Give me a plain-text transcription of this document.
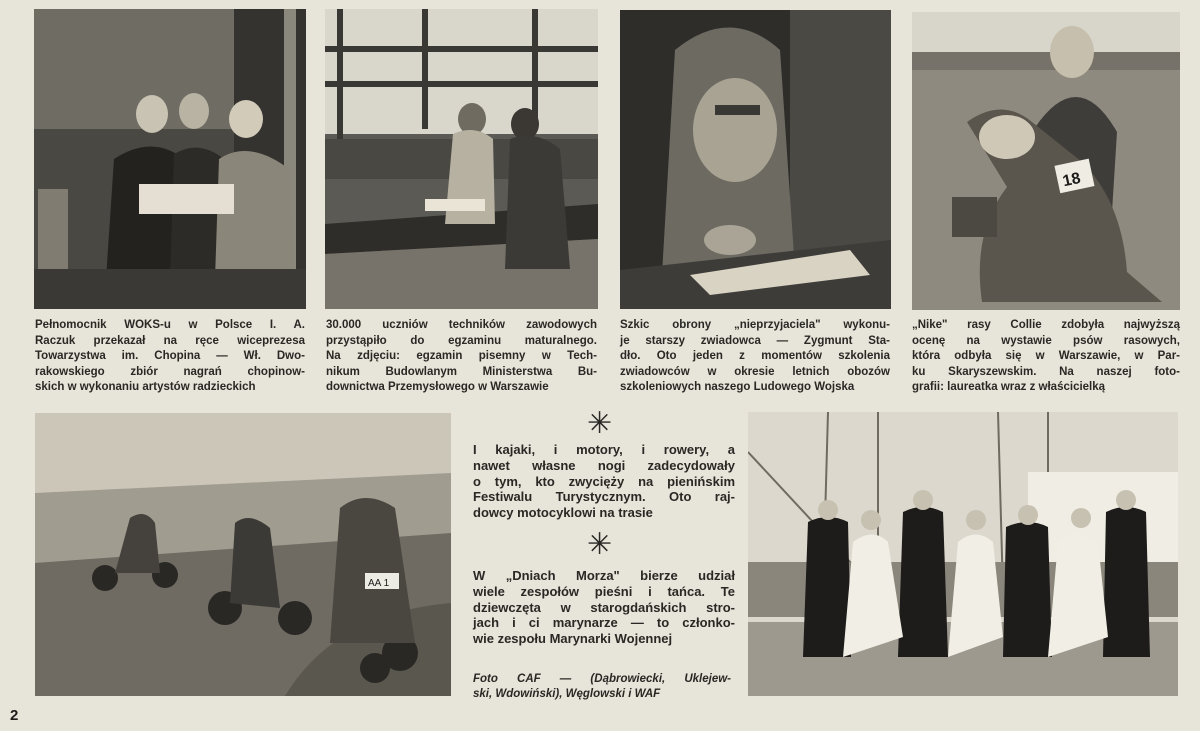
18
AA 1
Pełnomocnik WOKS-u w Polsce I. A.
Raczuk przekazał na ręce wiceprezesa
Towarzystwa im. Chopina — Wł. Dwo-
rakowskiego zbiór nagrań chopinow-
skich w wykonaniu artystów radzieckich
30.000 uczniów techników zawodowych
przystąpiło do egzaminu maturalnego.
Na zdjęciu: egzamin pisemny w Tech-
nikum Budowlanym Ministerstwa Bu-
downictwa Przemysłowego w Warszawie
Szkic obrony „nieprzyjaciela" wykonu-
je starszy zwiadowca — Zygmunt Sta-
dło. Oto jeden z momentów szkolenia
zwiadowców w okresie letnich obozów
szkoleniowych naszego Ludowego Wojska
„Nike" rasy Collie zdobyła najwyższą
ocenę na wystawie psów rasowych,
która odbyła się w Warszawie, w Par-
ku Skaryszewskim. Na naszej foto-
grafii: laureatka wraz z właścicielką
✳
I kajaki, i motory, i rowery, a
nawet własne nogi zadecydowały
o tym, kto zwycięży na pienińskim
Festiwalu Turystycznym. Oto raj-
dowcy motocyklowi na trasie
✳
W „Dniach Morza" bierze udział
wiele zespołów pieśni i tańca. Te
dziewczęta w starogdańskich stro-
jach i ci marynarze — to członko-
wie zespołu Marynarki Wojennej
Foto CAF — (Dąbrowiecki, Uklejew-
ski, Wdowiński), Węglowski i WAF
2
